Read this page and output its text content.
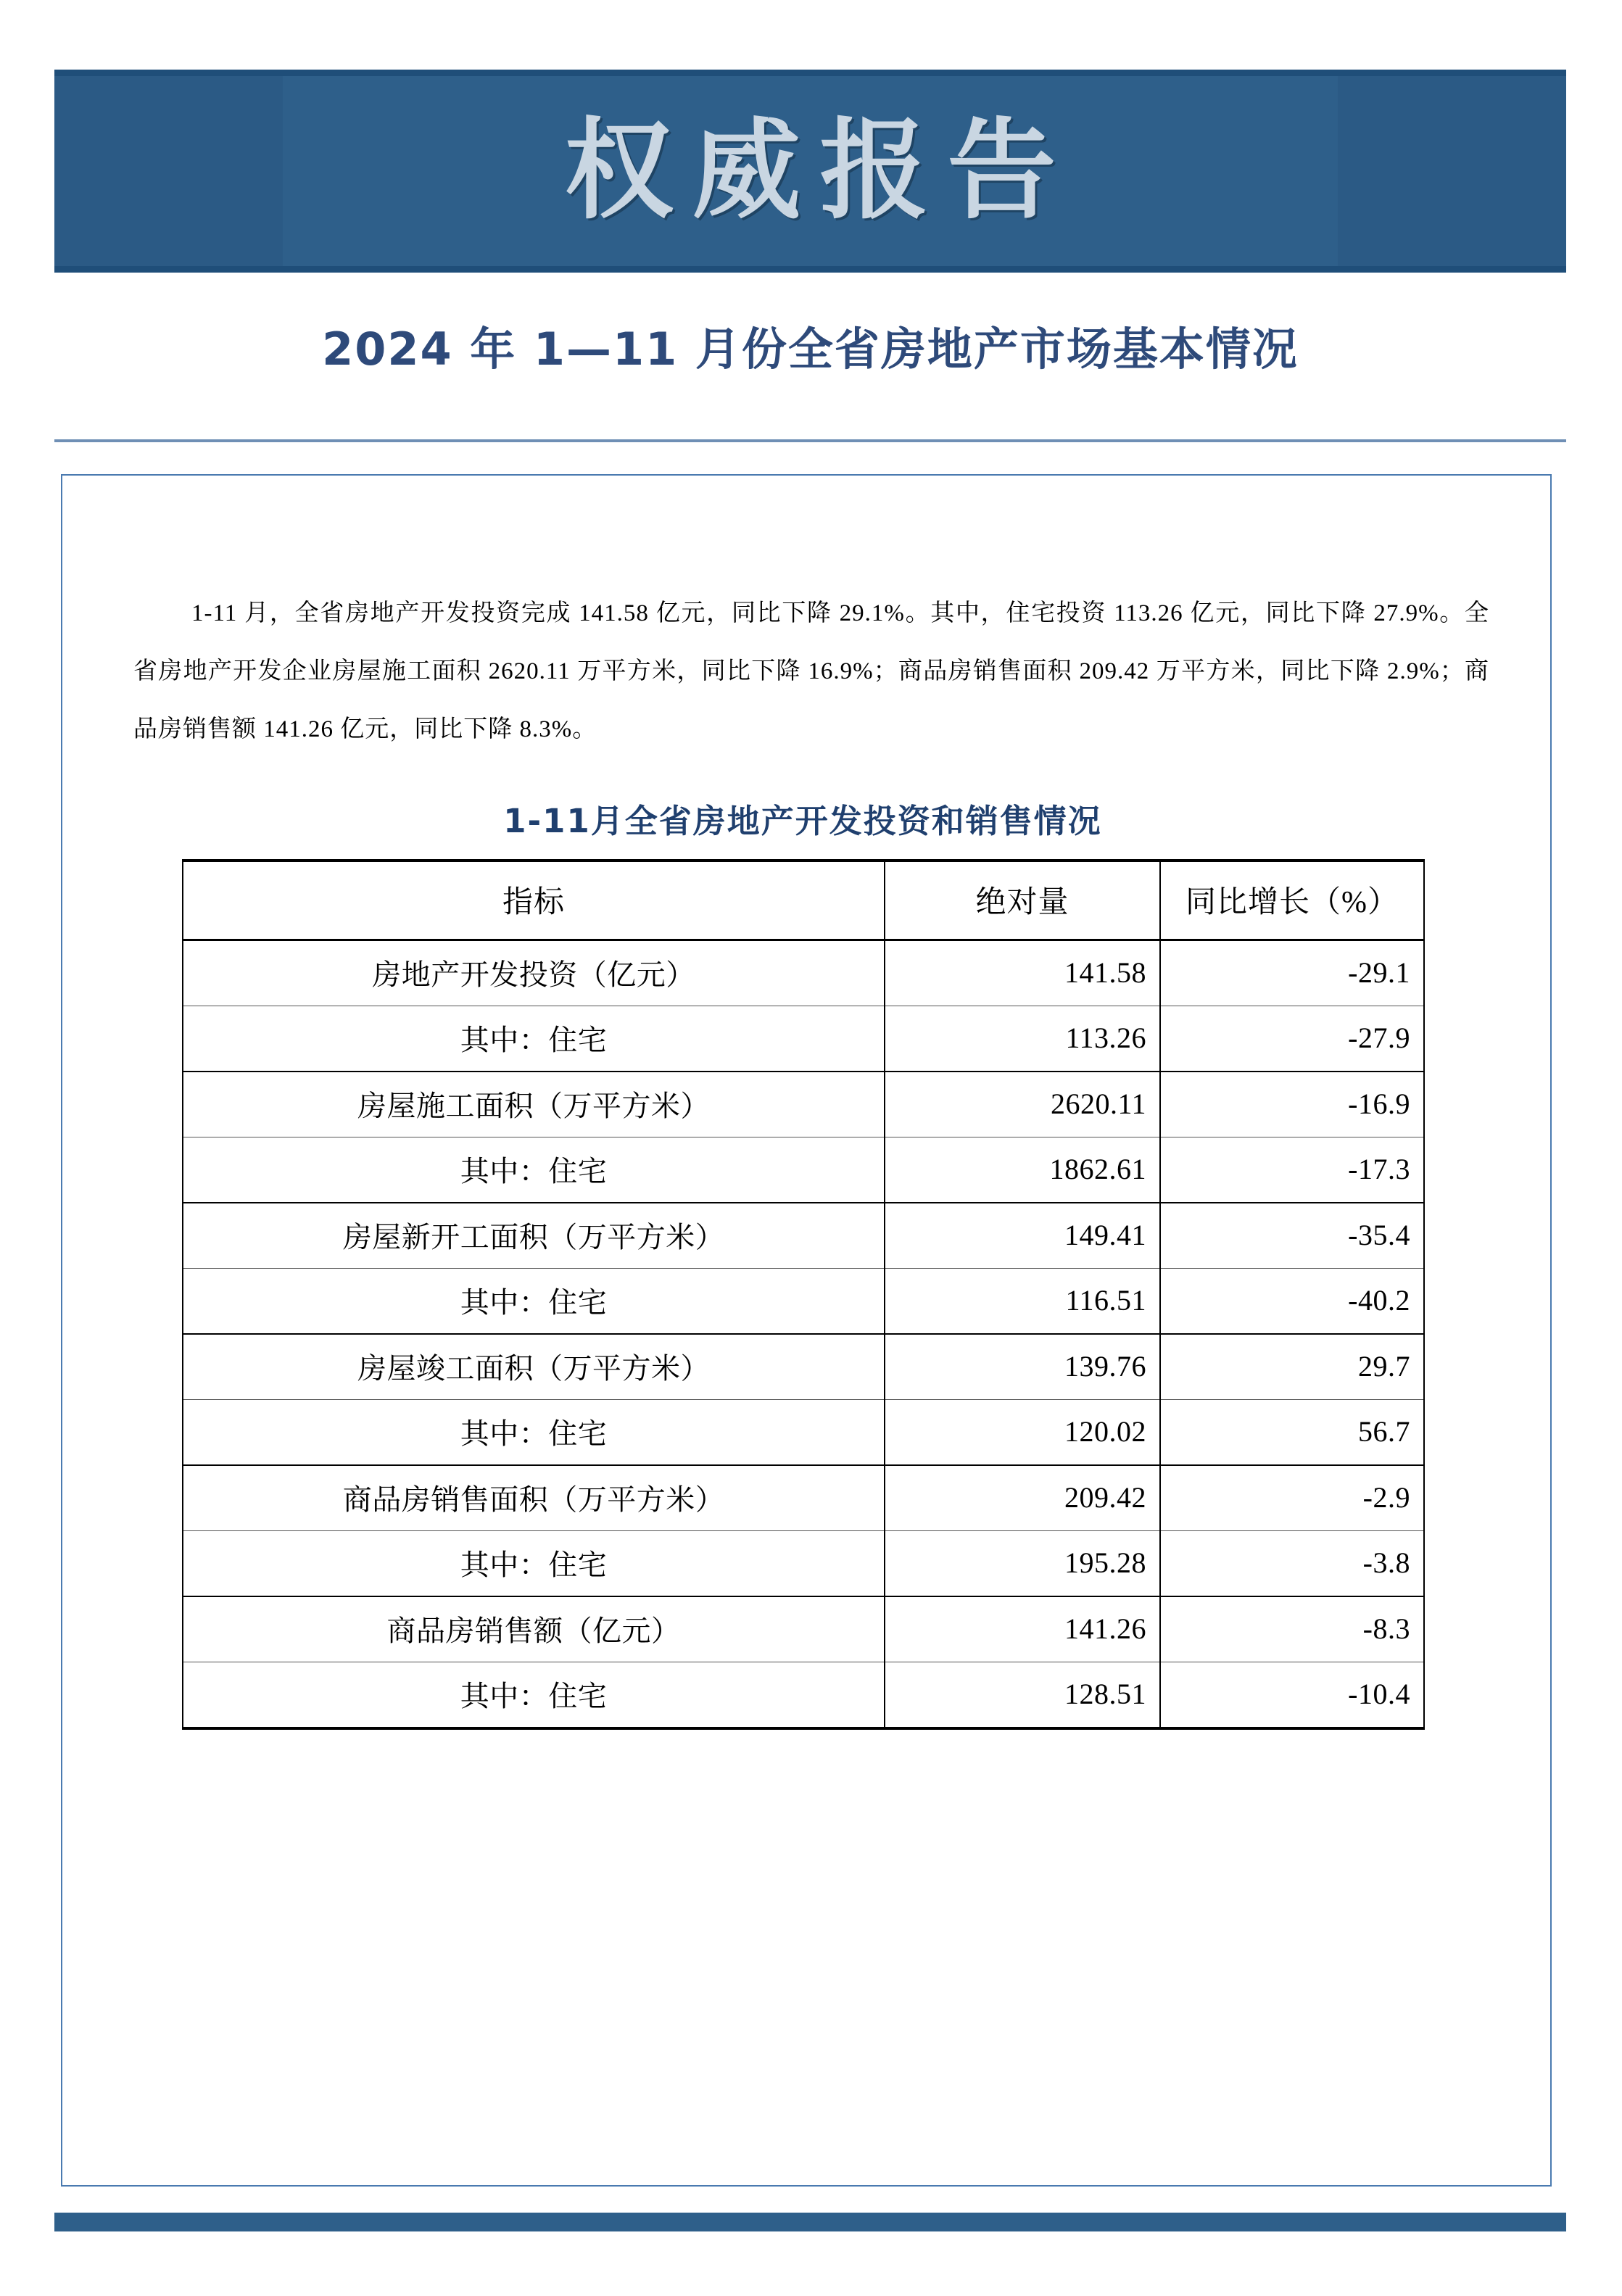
权威报告
2024 年 1—11 月份全省房地产市场基本情况
1-11 月，全省房地产开发投资完成 141.58 亿元，同比下降 29.1%。其中，住宅投资 113.26 亿元，同比下降 27.9%。全省房地产开发企业房屋施工面积 2620.11 万平方米，同比下降 16.9%；商品房销售面积 209.42 万平方米，同比下降 2.9%；商品房销售额 141.26 亿元，同比下降 8.3%。
1-11月全省房地产开发投资和销售情况
指标	绝对量	同比增长（%）
房地产开发投资（亿元）	141.58	-29.1
其中：住宅	113.26	-27.9
房屋施工面积（万平方米）	2620.11	-16.9
其中：住宅	1862.61	-17.3
房屋新开工面积（万平方米）	149.41	-35.4
其中：住宅	116.51	-40.2
房屋竣工面积（万平方米）	139.76	29.7
其中：住宅	120.02	56.7
商品房销售面积（万平方米）	209.42	-2.9
其中：住宅	195.28	-3.8
商品房销售额（亿元）	141.26	-8.3
其中：住宅	128.51	-10.4
